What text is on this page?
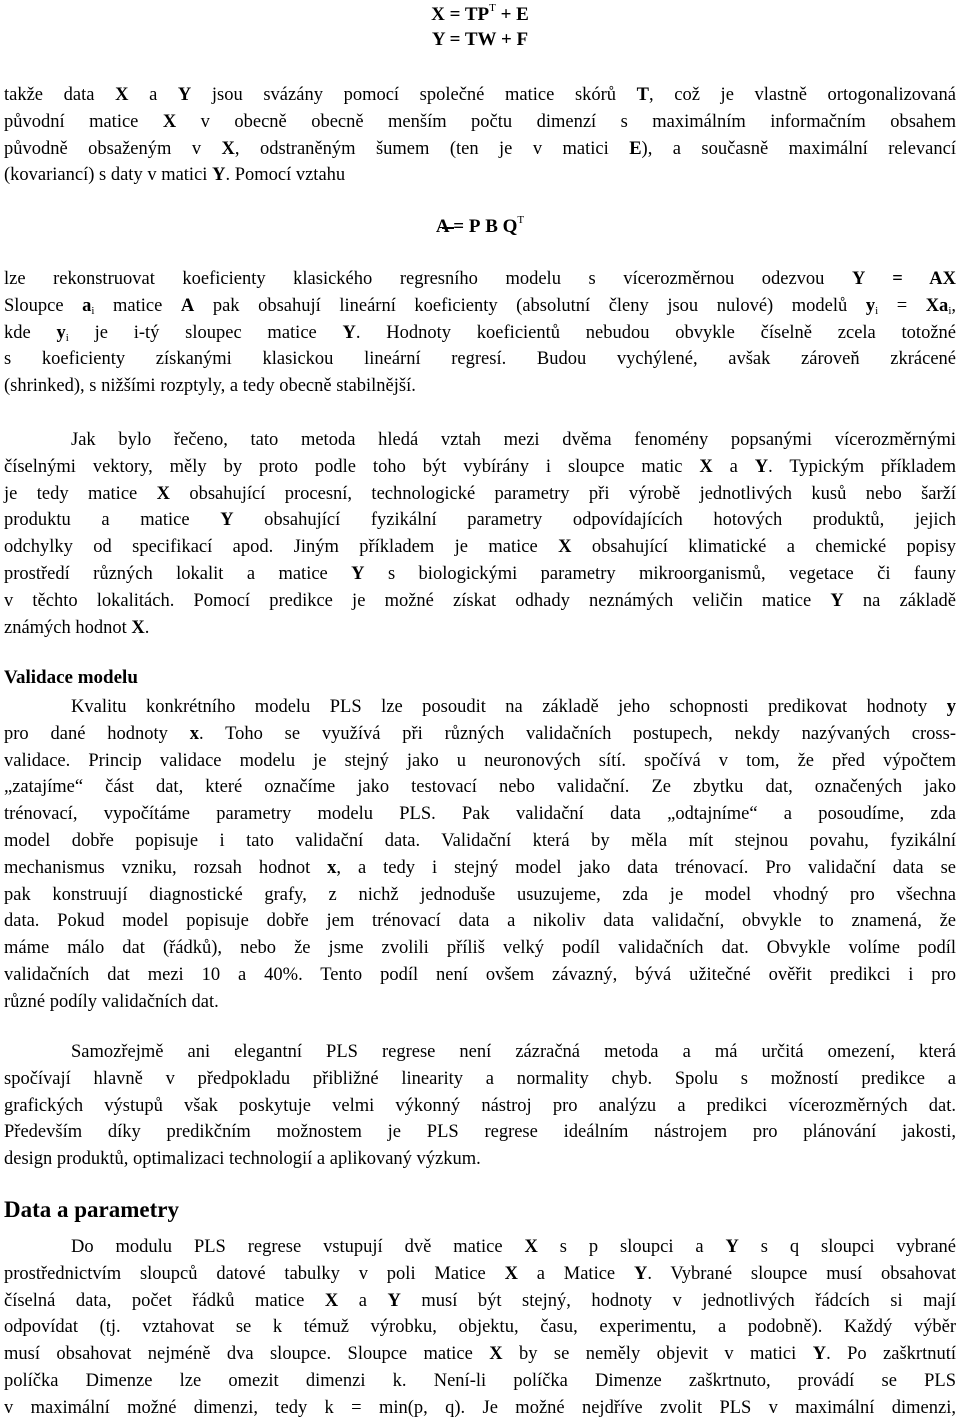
$X = TP^T + E$
Y = TW + F
takže data X a Y jsou svázány pomocí společné matice skórů T, což je vlastně ortogonalizovaná
původní matice X v obecně obecně menším počtu dimenzí s maximálním informačním obsahem
původně obsaženým v X, odstraněným šumem (ten je v matici E), a současně maximální relevancí
(kovariancí) s daty v matici Y. Pomocí vztahu
A = P B $Q^T$
lze rekonstruovat koeficienty klasického regresního modelu s vícerozměrnou odezvou Y = AX
Sloupce $a_i$ matice A pak obsahují lineární koeficienty (absolutní členy jsou nulové) modelů $y_i = Xa_i$,
kde $y_i$ je i-tý sloupec matice Y. Hodnoty koeficientů nebudou obvykle číselně zcela totožné
s koeficienty získanými klasickou lineární regresí. Budou vychýlené, avšak zároveň zkrácené
(shrinked), s nižšími rozptyly, a tedy obecně stabilnější.
Jak bylo řečeno, tato metoda hledá vztah mezi dvěma fenomény popsanými vícerozměrnými
číselnými vektory, měly by proto podle toho být vybírány i sloupce matic X a Y. Typickým příkladem
je tedy matice X obsahující procesní, technologické parametry při výrobě jednotlivých kusů nebo šarží
produktu a matice Y obsahující fyzikální parametry odpovídajících hotových produktů, jejich
odchylky od specifikací apod. Jiným příkladem je matice X obsahující klimatické a chemické popisy
prostředí různých lokalit a matice Y s biologickými parametry mikroorganismů, vegetace či fauny
v těchto lokalitách. Pomocí predikce je možné získat odhady neznámých veličin matice Y na základě
známých hodnot X.
Validace modelu
Kvalitu konkrétního modelu PLS lze posoudit na základě jeho schopnosti predikovat hodnoty y
pro dané hodnoty x. Toho se využívá při různých validačních postupech, nekdy nazývaných cross-
validace. Princip validace modelu je stejný jako u neuronových sítí. spočívá v tom, že před výpočtem
„zatajíme“ část dat, které označíme jako testovací nebo validační. Ze zbytku dat, označených jako
trénovací, vypočítáme parametry modelu PLS. Pak validační data „odtajníme“ a posoudíme, zda
model dobře popisuje i tato validační data. Validační která by měla mít stejnou povahu, fyzikální
mechanismus vzniku, rozsah hodnot x, a tedy i stejný model jako data trénovací. Pro validační data se
pak konstruují diagnostické grafy, z nichž jednoduše usuzujeme, zda je model vhodný pro všechna
data. Pokud model popisuje dobře jem trénovací data a nikoliv data validační, obvykle to znamená, že
máme málo dat (řádků), nebo že jsme zvolili příliš velký podíl validačních dat. Obvykle volíme podíl
validačních dat mezi 10 a 40%. Tento podíl není ovšem závazný, bývá užitečné ověřit predikci i pro
různé podíly validačních dat.
Samozřejmě ani elegantní PLS regrese není zázračná metoda a má určitá omezení, která
spočívají hlavně v předpokladu přibližné linearity a normality chyb. Spolu s možností predikce a
grafických výstupů však poskytuje velmi výkonný nástroj pro analýzu a predikci vícerozměrných dat.
Především díky predikčním možnostem je PLS regrese ideálním nástrojem pro plánování jakosti,
design produktů, optimalizaci technologií a aplikovaný výzkum.
Data a parametry
Do modulu PLS regrese vstupují dvě matice X s p sloupci a Y s q sloupci vybrané
prostřednictvím sloupců datové tabulky v poli Matice X a Matice Y. Vybrané sloupce musí obsahovat
číselná data, počet řádků matice X a Y musí být stejný, hodnoty v jednotlivých řádcích si mají
odpovídat (tj. vztahovat se k témuž výrobku, objektu, času, experimentu, a podobně). Každý výběr
musí obsahovat nejméně dva sloupce. Sloupce matice X by se neměly objevit v matici Y. Po zaškrtnutí
políčka Dimenze lze omezit dimenzi k. Není-li políčka Dimenze zaškrtnuto, provádí se PLS
v maximální možné dimenzi, tedy k = min(p, q). Je možné nejdříve zvolit PLS v maximální dimenzi,
